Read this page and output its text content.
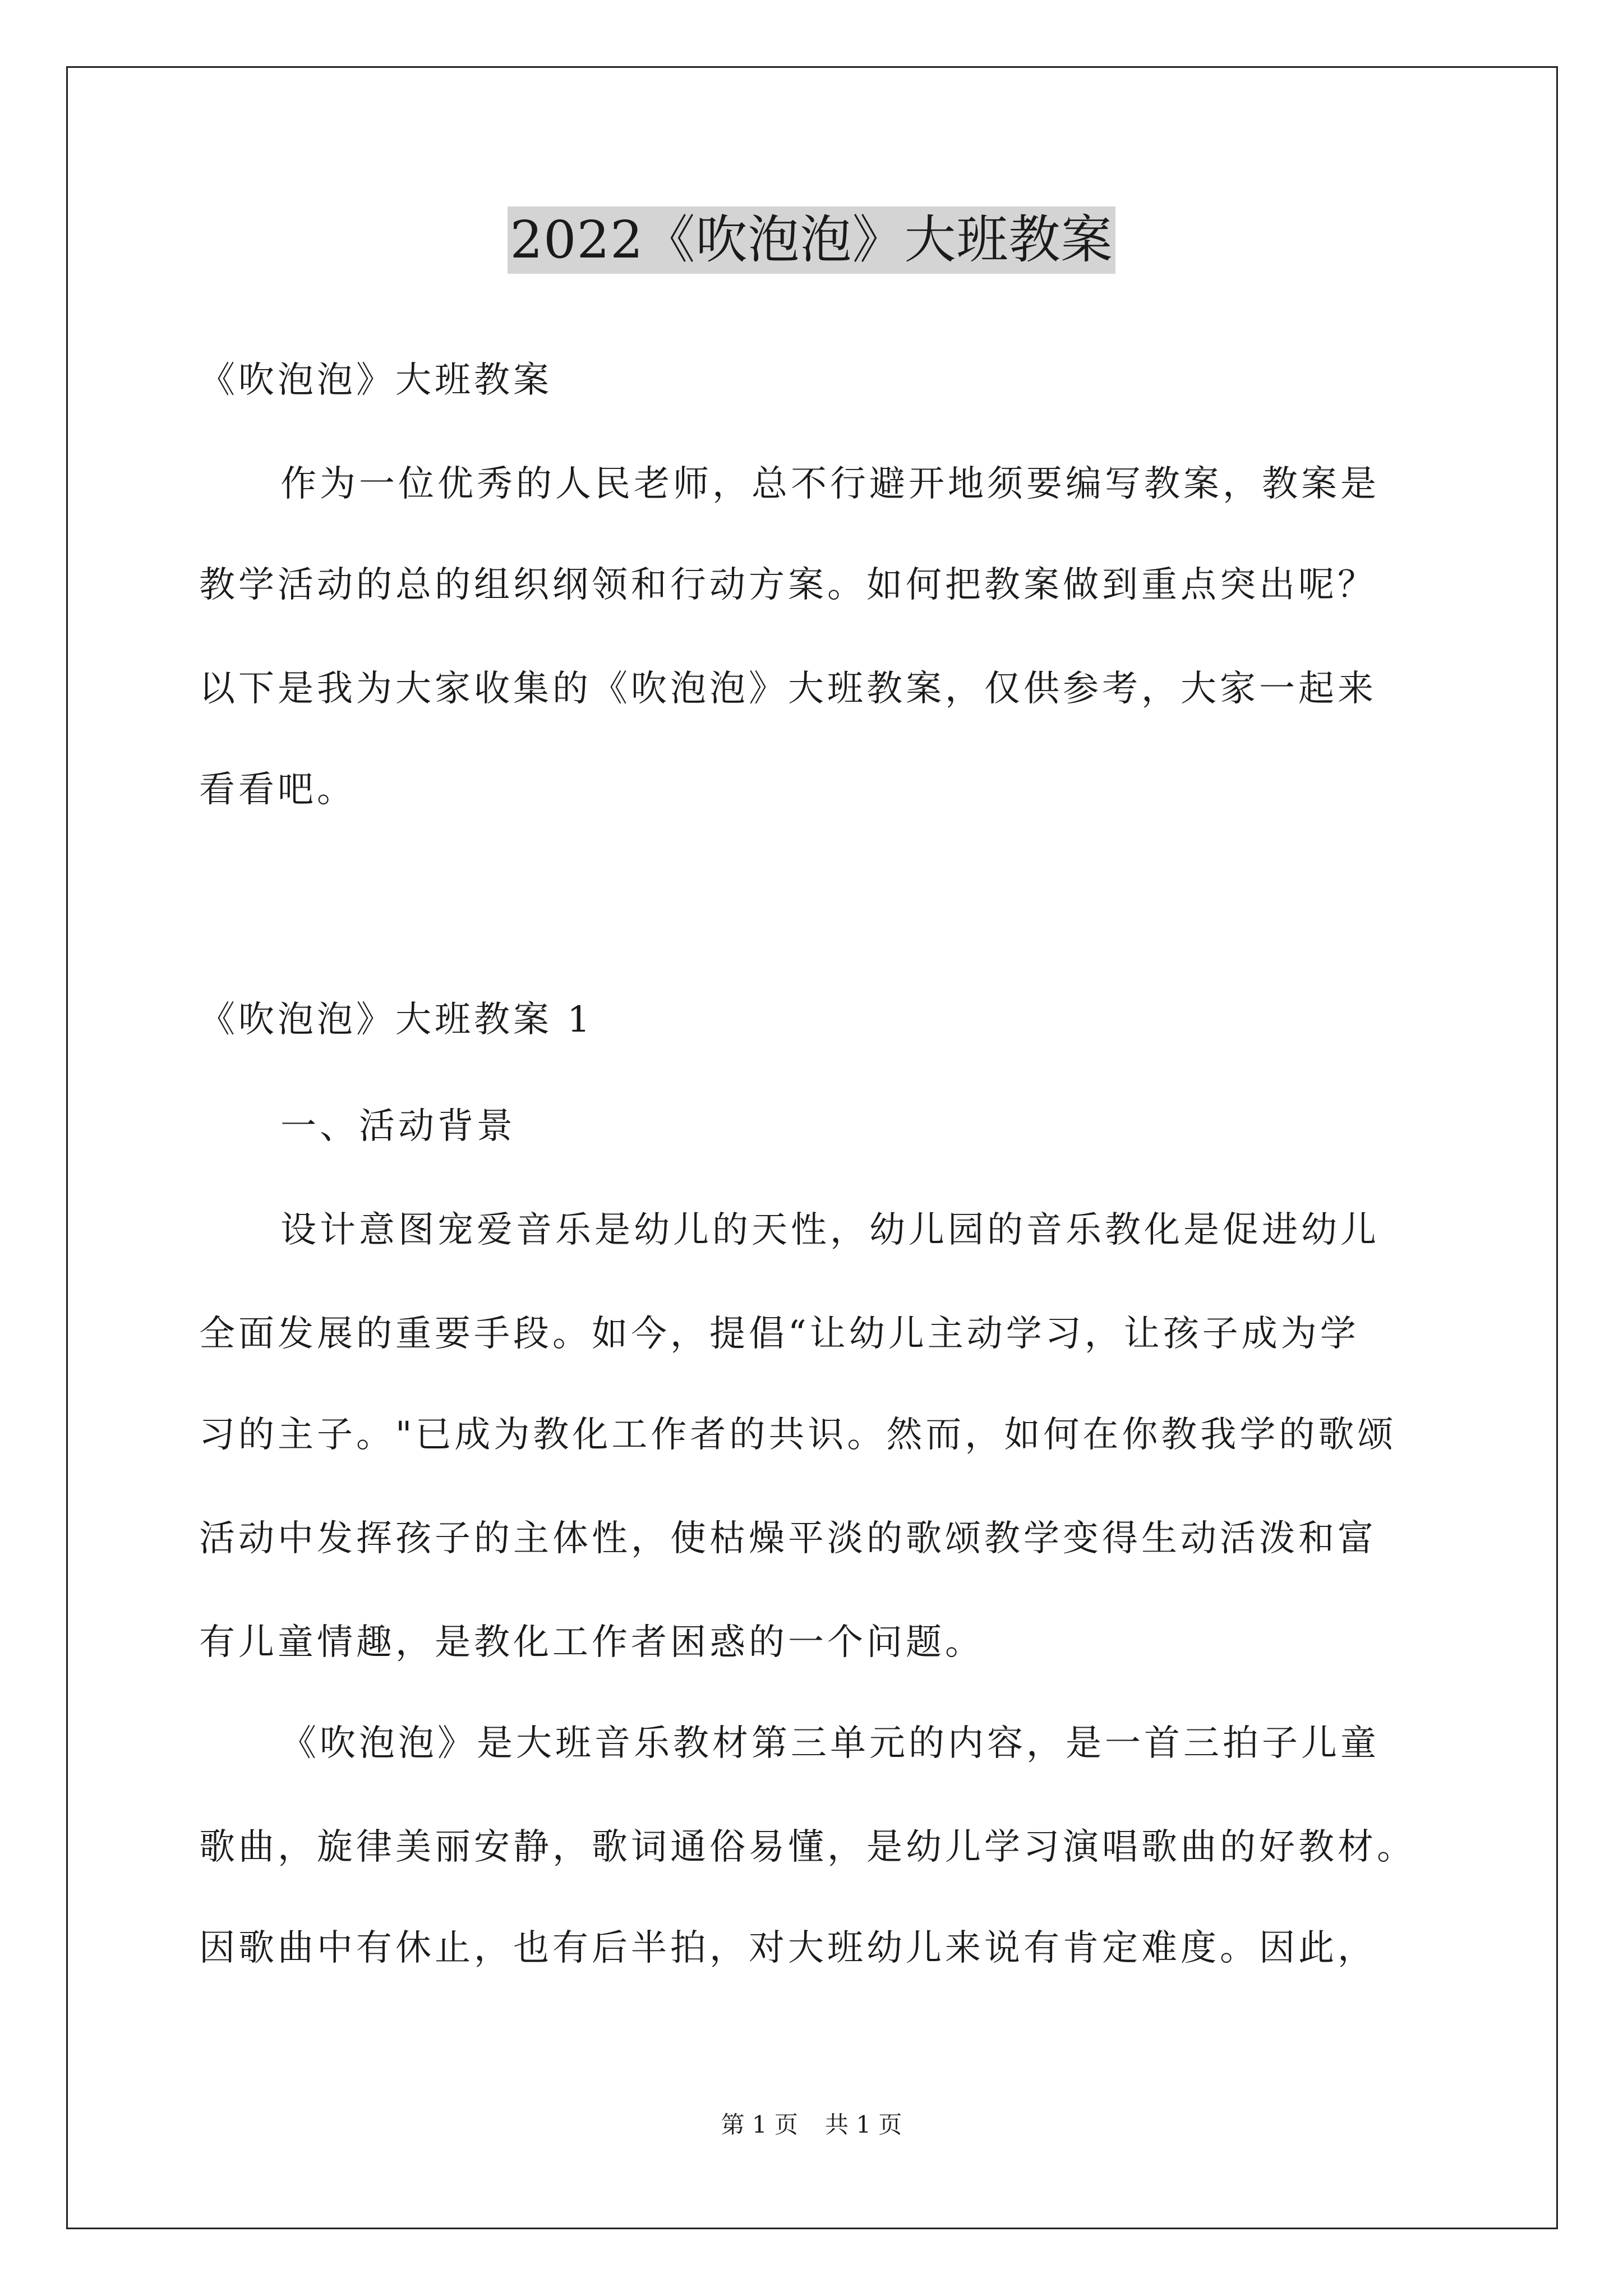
2022《吹泡泡》大班教案
《吹泡泡》大班教案
作为一位优秀的人民老师，总不行避开地须要编写教案，教案是
教学活动的总的组织纲领和行动方案。如何把教案做到重点突出呢？
以下是我为大家收集的《吹泡泡》大班教案，仅供参考，大家一起来
看看吧。
《吹泡泡》大班教案 1
一、活动背景
设计意图宠爱音乐是幼儿的天性，幼儿园的音乐教化是促进幼儿
全面发展的重要手段。如今，提倡“让幼儿主动学习，让孩子成为学
习的主子。"已成为教化工作者的共识。然而，如何在你教我学的歌颂
活动中发挥孩子的主体性，使枯燥平淡的歌颂教学变得生动活泼和富
有儿童情趣，是教化工作者困惑的一个问题。
《吹泡泡》是大班音乐教材第三单元的内容，是一首三拍子儿童
歌曲，旋律美丽安静，歌词通俗易懂，是幼儿学习演唱歌曲的好教材。
因歌曲中有休止，也有后半拍，对大班幼儿来说有肯定难度。因此，
第 1 页 共 1 页
